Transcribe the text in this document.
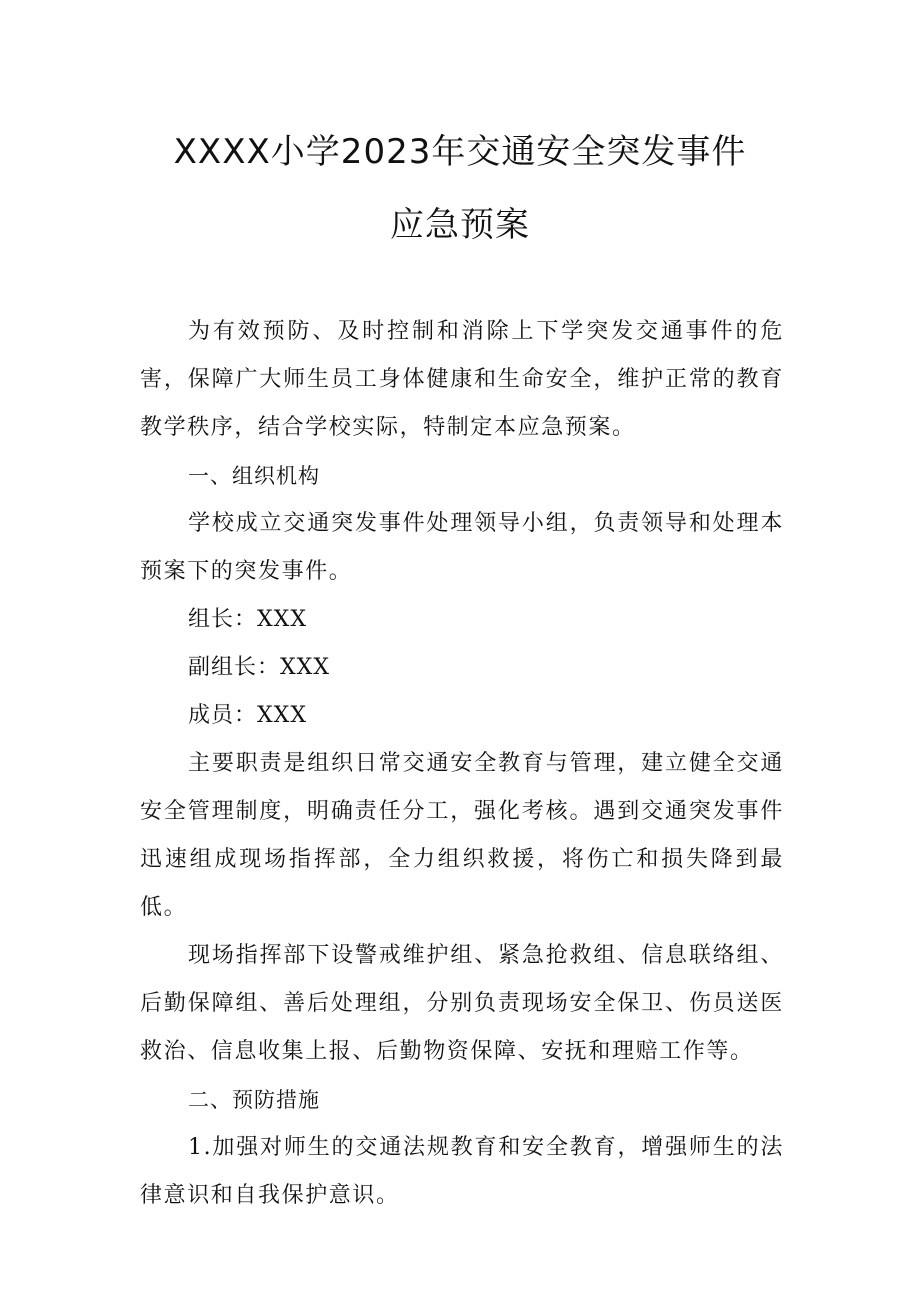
XXXX小学2023年交通安全突发事件
应急预案

为有效预防、及时控制和消除上下学突发交通事件的危害，保障广大师生员工身体健康和生命安全，维护正常的教育教学秩序，结合学校实际，特制定本应急预案。

一、组织机构

学校成立交通突发事件处理领导小组，负责领导和处理本预案下的突发事件。

组长：XXX

副组长：XXX

成员：XXX

主要职责是组织日常交通安全教育与管理，建立健全交通安全管理制度，明确责任分工，强化考核。遇到交通突发事件迅速组成现场指挥部，全力组织救援，将伤亡和损失降到最低。

现场指挥部下设警戒维护组、紧急抢救组、信息联络组、后勤保障组、善后处理组，分别负责现场安全保卫、伤员送医救治、信息收集上报、后勤物资保障、安抚和理赔工作等。

二、预防措施

1.加强对师生的交通法规教育和安全教育，增强师生的法律意识和自我保护意识。
